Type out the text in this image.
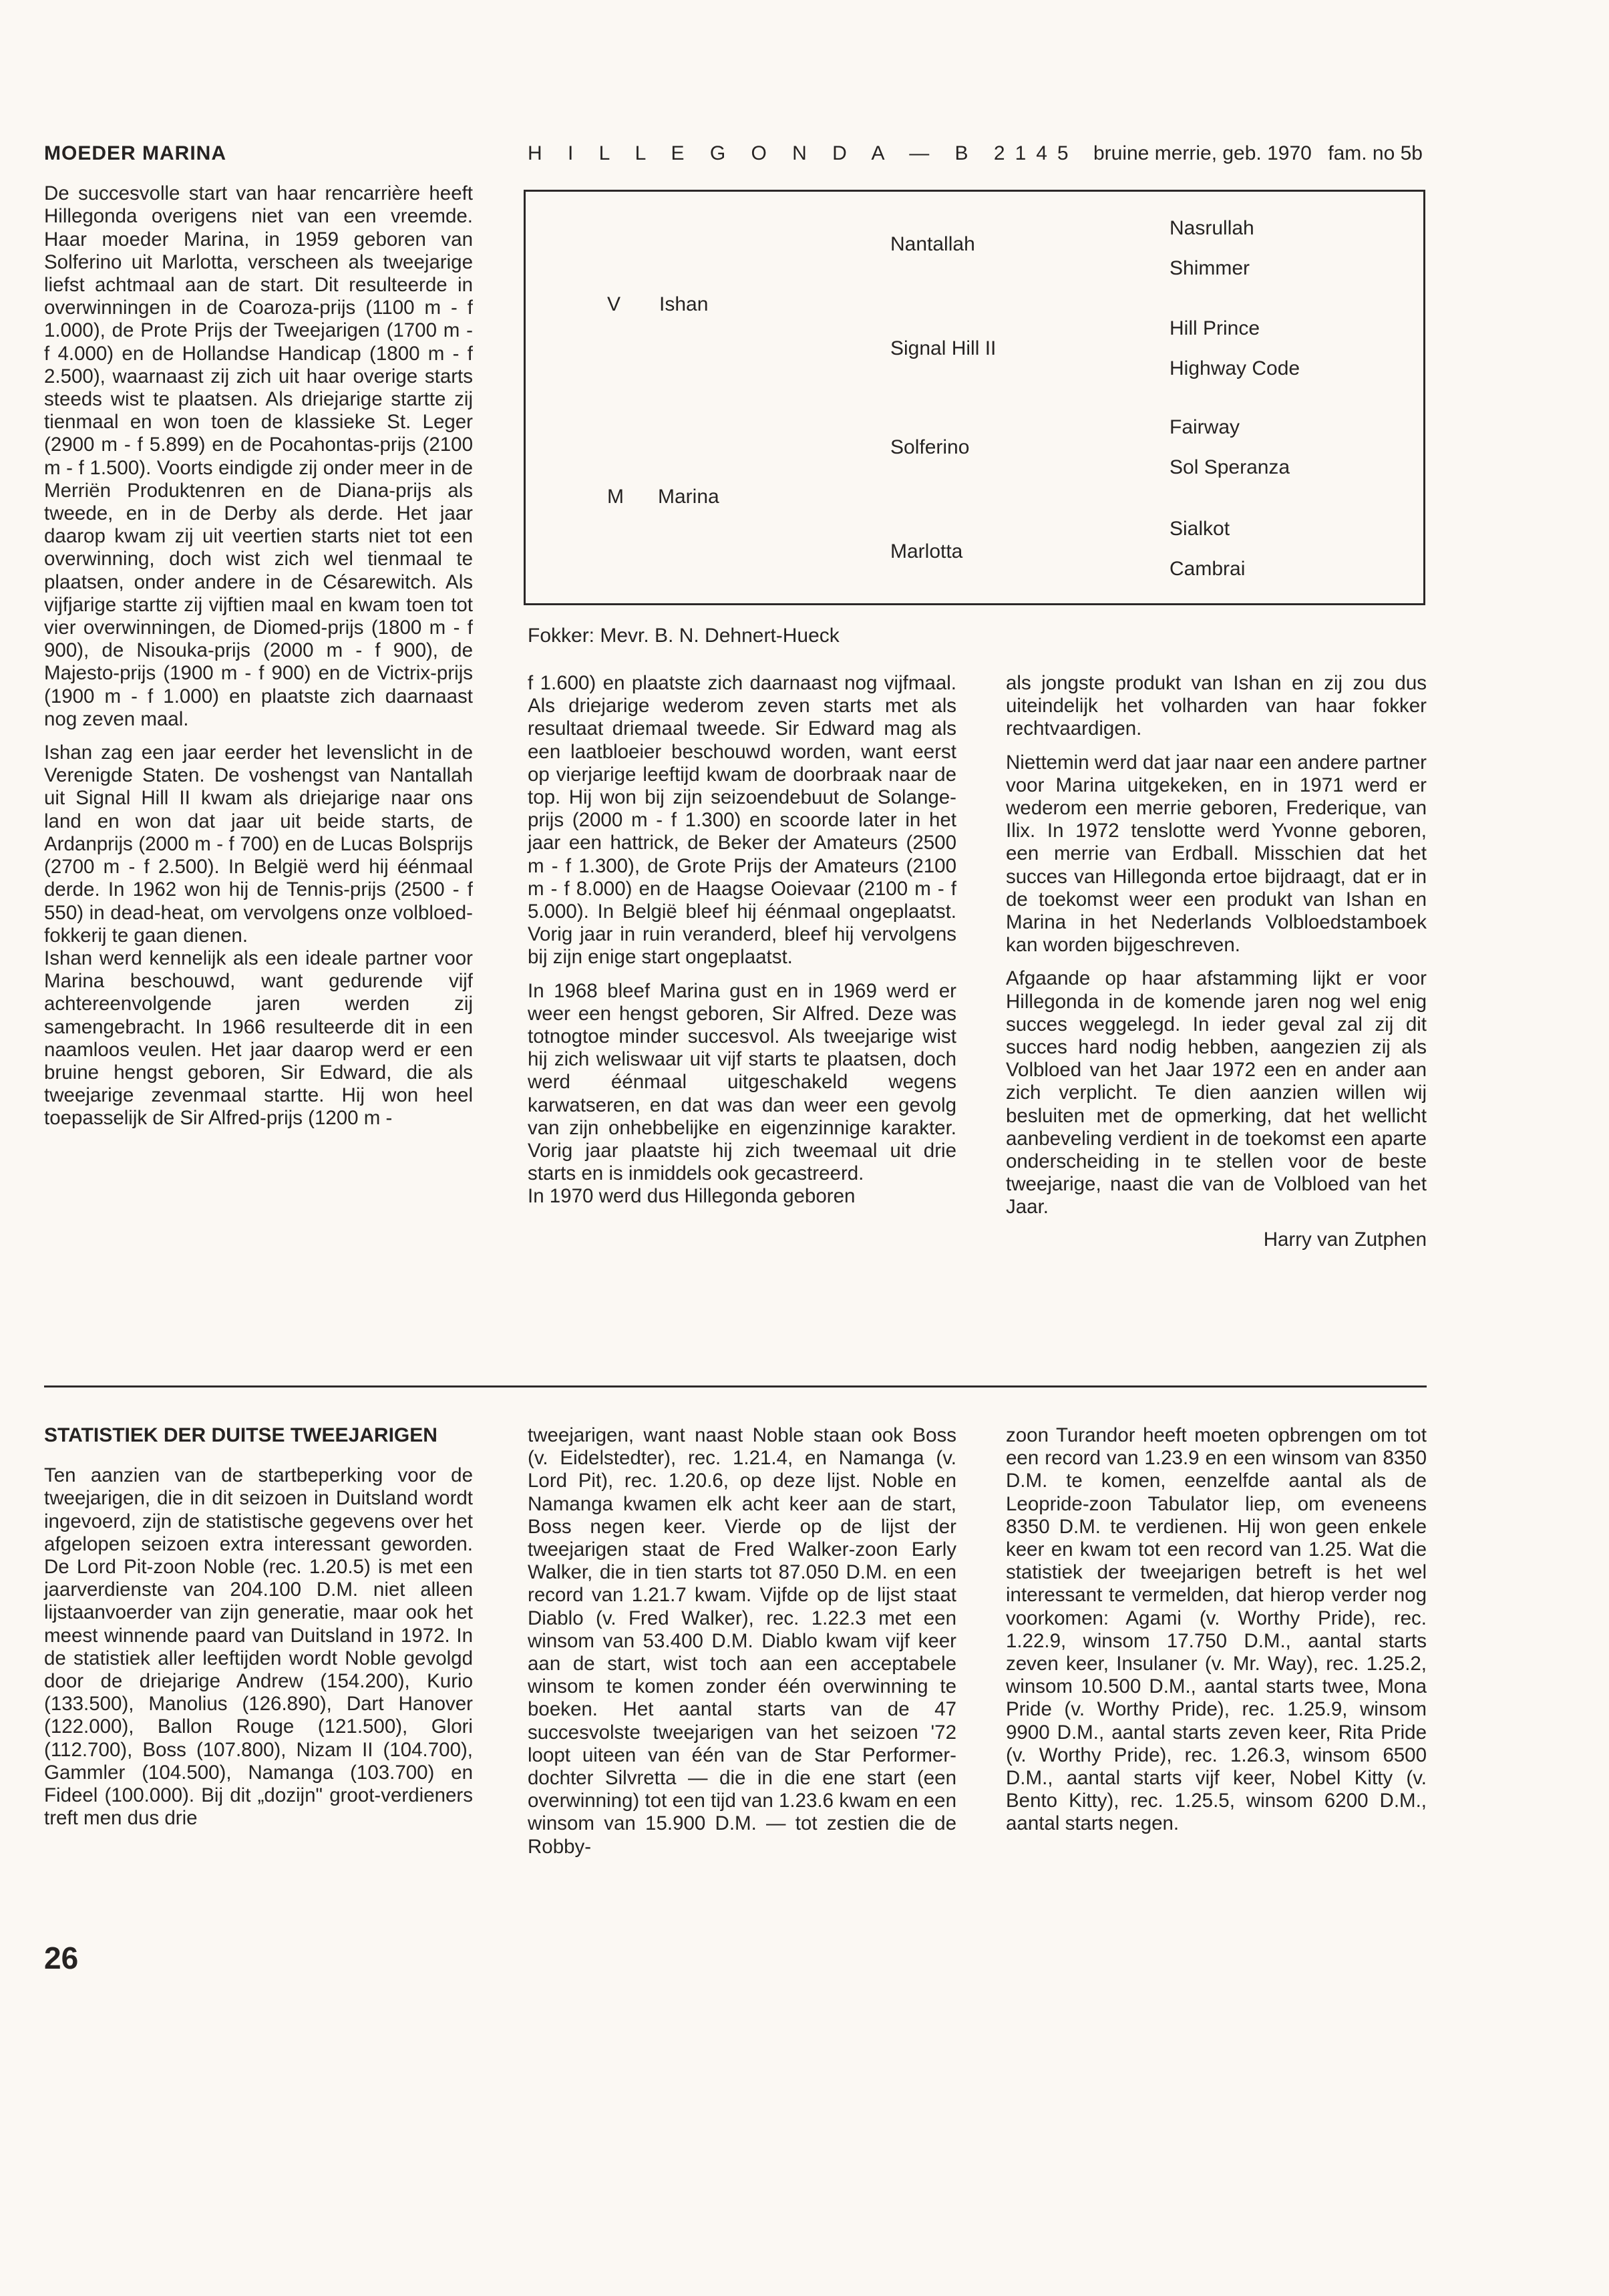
MOEDER MARINA

De succesvolle start van haar rencarrière heeft Hillegonda overigens niet van een vreemde. Haar moeder Marina, in 1959 geboren van Solferino uit Marlotta, verscheen als tweejarige liefst achtmaal aan de start. Dit resulteerde in overwinningen in de Coaroza-prijs (1100 m - f 1.000), de Prote Prijs der Tweejarigen (1700 m - f 4.000) en de Hollandse Handicap (1800 m - f 2.500), waarnaast zij zich uit haar overige starts steeds wist te plaatsen. Als driejarige startte zij tienmaal en won toen de klassieke St. Leger (2900 m - f 5.899) en de Pocahontas-prijs (2100 m - f 1.500). Voorts eindigde zij onder meer in de Merriën Produktenren en de Diana-prijs als tweede, en in de Derby als derde. Het jaar daarop kwam zij uit veertien starts niet tot een overwinning, doch wist zich wel tienmaal te plaatsen, onder andere in de Césarewitch. Als vijfjarige startte zij vijftien maal en kwam toen tot vier overwinningen, de Diomed-prijs (1800 m - f 900), de Nisouka-prijs (2000 m - f 900), de Majesto-prijs (1900 m - f 900) en de Victrix-prijs (1900 m - f 1.000) en plaatste zich daarnaast nog zeven maal.

Ishan zag een jaar eerder het levenslicht in de Verenigde Staten. De voshengst van Nantallah uit Signal Hill II kwam als driejarige naar ons land en won dat jaar uit beide starts, de Ardanprijs (2000 m - f 700) en de Lucas Bolsprijs (2700 m - f 2.500). In België werd hij éénmaal derde. In 1962 won hij de Tennis-prijs (2500 - f 550) in dead-heat, om vervolgens onze volbloed-fokkerij te gaan dienen.

Ishan werd kennelijk als een ideale partner voor Marina beschouwd, want gedurende vijf achtereenvolgende jaren werden zij samengebracht. In 1966 resulteerde dit in een naamloos veulen. Het jaar daarop werd er een bruine hengst geboren, Sir Edward, die als tweejarige zevenmaal startte. Hij won heel toepasselijk de Sir Alfred-prijs (1200 m -

H I L L E G O N D A — B 2145 bruine merrie, geb. 1970 fam. no 5b
V Ishan
M Marina
Nantallah
Signal Hill II
Solferino
Marlotta
Nasrullah
Shimmer
Hill Prince
Highway Code
Fairway
Sol Speranza
Sialkot
Cambrai
Fokker: Mevr. B. N. Dehnert-Hueck

f 1.600) en plaatste zich daarnaast nog vijfmaal. Als driejarige wederom zeven starts met als resultaat driemaal tweede. Sir Edward mag als een laatbloeier beschouwd worden, want eerst op vierjarige leeftijd kwam de doorbraak naar de top. Hij won bij zijn seizoendebuut de Solange-prijs (2000 m - f 1.300) en scoorde later in het jaar een hattrick, de Beker der Amateurs (2500 m - f 1.300), de Grote Prijs der Amateurs (2100 m - f 8.000) en de Haagse Ooievaar (2100 m - f 5.000). In België bleef hij éénmaal ongeplaatst. Vorig jaar in ruin veranderd, bleef hij vervolgens bij zijn enige start ongeplaatst.

In 1968 bleef Marina gust en in 1969 werd er weer een hengst geboren, Sir Alfred. Deze was totnogtoe minder succesvol. Als tweejarige wist hij zich weliswaar uit vijf starts te plaatsen, doch werd éénmaal uitgeschakeld wegens karwatseren, en dat was dan weer een gevolg van zijn onhebbelijke en eigenzinnige karakter. Vorig jaar plaatste hij zich tweemaal uit drie starts en is inmiddels ook gecastreerd.

In 1970 werd dus Hillegonda geboren

als jongste produkt van Ishan en zij zou dus uiteindelijk het volharden van haar fokker rechtvaardigen.

Niettemin werd dat jaar naar een andere partner voor Marina uitgekeken, en in 1971 werd er wederom een merrie geboren, Frederique, van Ilix. In 1972 tenslotte werd Yvonne geboren, een merrie van Erdball. Misschien dat het succes van Hillegonda ertoe bijdraagt, dat er in de toekomst weer een produkt van Ishan en Marina in het Nederlands Volbloedstamboek kan worden bijgeschreven.

Afgaande op haar afstamming lijkt er voor Hillegonda in de komende jaren nog wel enig succes weggelegd. In ieder geval zal zij dit succes hard nodig hebben, aangezien zij als Volbloed van het Jaar 1972 een en ander aan zich verplicht. Te dien aanzien willen wij besluiten met de opmerking, dat het wellicht aanbeveling verdient in de toekomst een aparte onderscheiding in te stellen voor de beste tweejarige, naast die van de Volbloed van het Jaar.

Harry van Zutphen
STATISTIEK DER DUITSE TWEEJARIGEN

Ten aanzien van de startbeperking voor de tweejarigen, die in dit seizoen in Duitsland wordt ingevoerd, zijn de statistische gegevens over het afgelopen seizoen extra interessant geworden. De Lord Pit-zoon Noble (rec. 1.20.5) is met een jaarverdienste van 204.100 D.M. niet alleen lijstaanvoerder van zijn generatie, maar ook het meest winnende paard van Duitsland in 1972. In de statistiek aller leeftijden wordt Noble gevolgd door de driejarige Andrew (154.200), Kurio (133.500), Manolius (126.890), Dart Hanover (122.000), Ballon Rouge (121.500), Glori (112.700), Boss (107.800), Nizam II (104.700), Gammler (104.500), Namanga (103.700) en Fideel (100.000). Bij dit „dozijn" groot-verdieners treft men dus drie

tweejarigen, want naast Noble staan ook Boss (v. Eidelstedter), rec. 1.21.4, en Namanga (v. Lord Pit), rec. 1.20.6, op deze lijst. Noble en Namanga kwamen elk acht keer aan de start, Boss negen keer. Vierde op de lijst der tweejarigen staat de Fred Walker-zoon Early Walker, die in tien starts tot 87.050 D.M. en een record van 1.21.7 kwam. Vijfde op de lijst staat Diablo (v. Fred Walker), rec. 1.22.3 met een winsom van 53.400 D.M. Diablo kwam vijf keer aan de start, wist toch aan een acceptabele winsom te komen zonder één overwinning te boeken. Het aantal starts van de 47 succesvolste tweejarigen van het seizoen '72 loopt uiteen van één van de Star Performer-dochter Silvretta — die in die ene start (een overwinning) tot een tijd van 1.23.6 kwam en een winsom van 15.900 D.M. — tot zestien die de Robby-

zoon Turandor heeft moeten opbrengen om tot een record van 1.23.9 en een winsom van 8350 D.M. te komen, eenzelfde aantal als de Leopride-zoon Tabulator liep, om eveneens 8350 D.M. te verdienen. Hij won geen enkele keer en kwam tot een record van 1.25. Wat die statistiek der tweejarigen betreft is het wel interessant te vermelden, dat hierop verder nog voorkomen: Agami (v. Worthy Pride), rec. 1.22.9, winsom 17.750 D.M., aantal starts zeven keer, Insulaner (v. Mr. Way), rec. 1.25.2, winsom 10.500 D.M., aantal starts twee, Mona Pride (v. Worthy Pride), rec. 1.25.9, winsom 9900 D.M., aantal starts zeven keer, Rita Pride (v. Worthy Pride), rec. 1.26.3, winsom 6500 D.M., aantal starts vijf keer, Nobel Kitty (v. Bento Kitty), rec. 1.25.5, winsom 6200 D.M., aantal starts negen.

26
